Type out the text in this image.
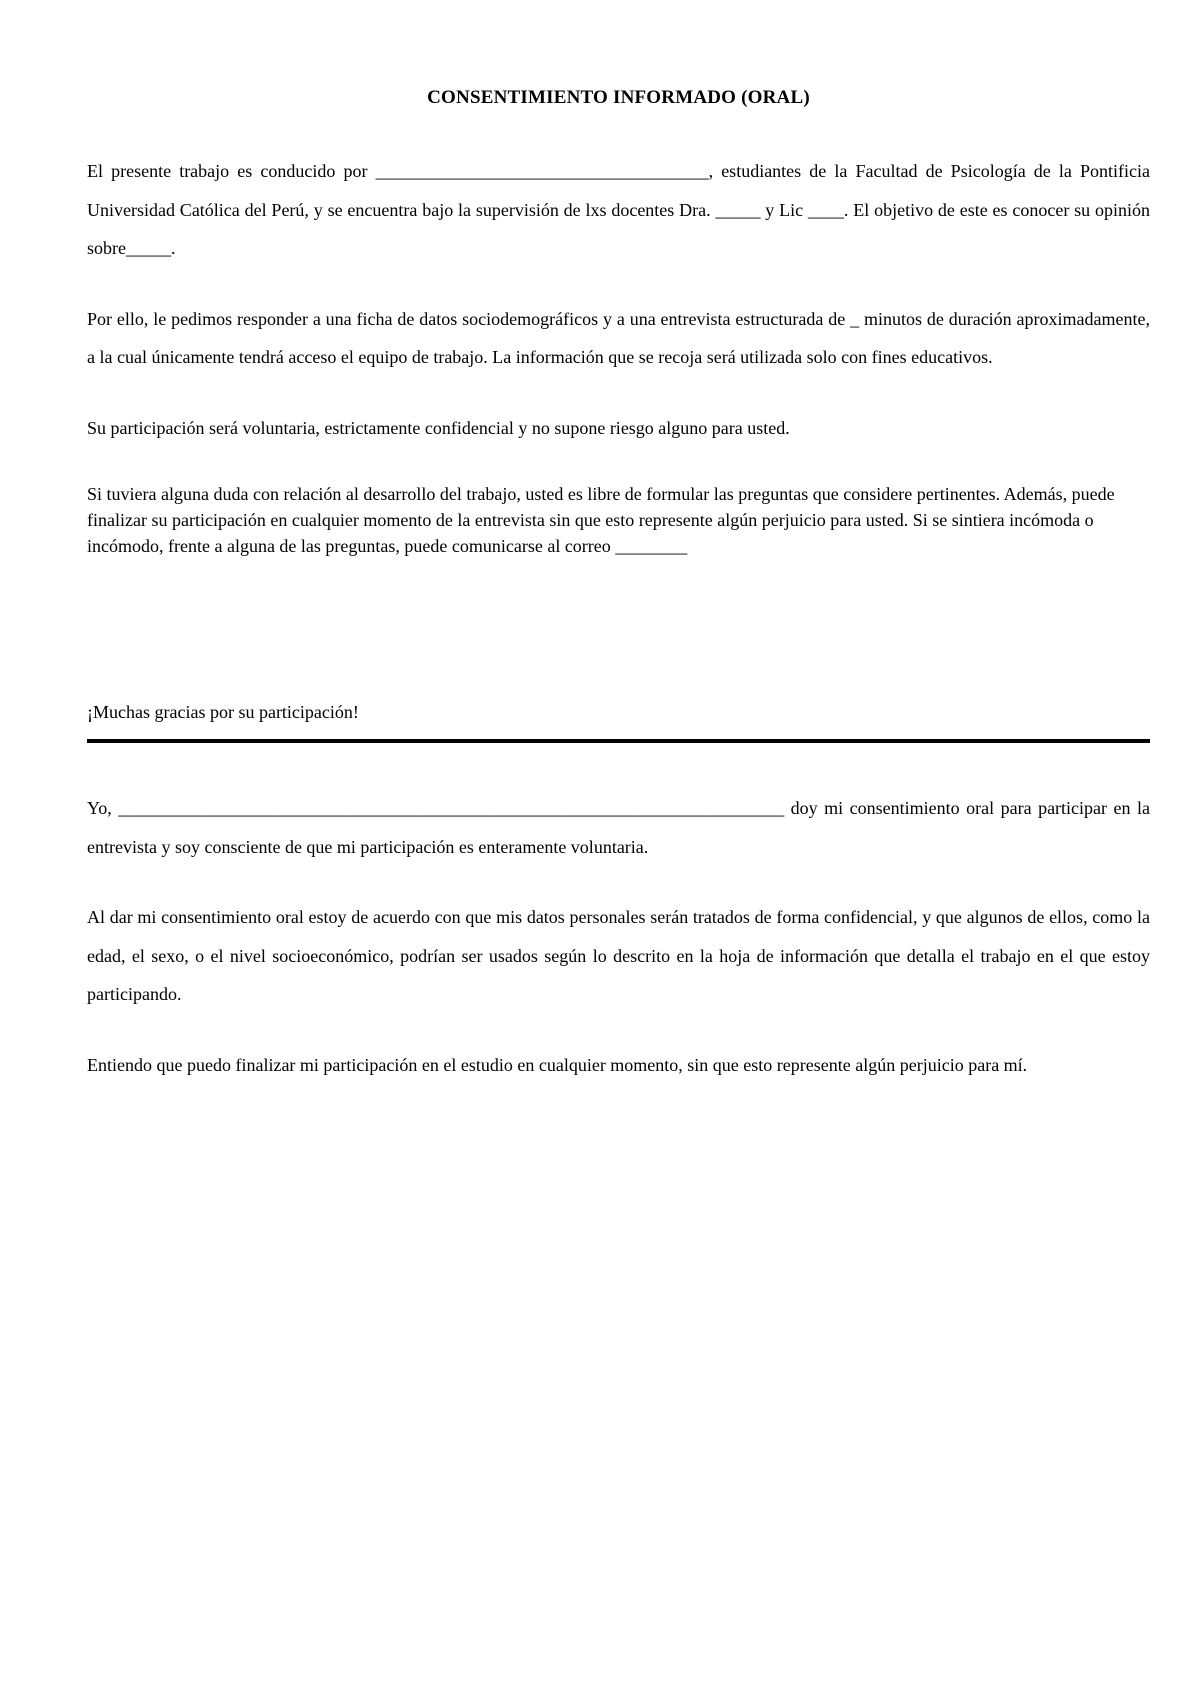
CONSENTIMIENTO INFORMADO (ORAL)

El presente trabajo es conducido por _____________________________________, estudiantes de la Facultad de Psicología de la Pontificia Universidad Católica del Perú, y se encuentra bajo la supervisión de lxs docentes Dra. _____ y Lic ____. El objetivo de este es conocer su opinión sobre_____.

Por ello, le pedimos responder a una ficha de datos sociodemográficos y a una entrevista estructurada de _ minutos de duración aproximadamente, a la cual únicamente tendrá acceso el equipo de trabajo. La información que se recoja será utilizada solo con fines educativos.

Su participación será voluntaria, estrictamente confidencial y no supone riesgo alguno para usted.

Si tuviera alguna duda con relación al desarrollo del trabajo, usted es libre de formular las preguntas que considere pertinentes. Además, puede finalizar su participación en cualquier momento de la entrevista sin que esto represente algún perjuicio para usted. Si se sintiera incómoda o incómodo, frente a alguna de las preguntas, puede comunicarse al correo ________

¡Muchas gracias por su participación!

Yo, __________________________________________________________________________ doy mi consentimiento oral para participar en la entrevista y soy consciente de que mi participación es enteramente voluntaria.

Al dar mi consentimiento oral estoy de acuerdo con que mis datos personales serán tratados de forma confidencial, y que algunos de ellos, como la edad, el sexo, o el nivel socioeconómico, podrían ser usados según lo descrito en la hoja de información que detalla el trabajo en el que estoy participando.

Entiendo que puedo finalizar mi participación en el estudio en cualquier momento, sin que esto represente algún perjuicio para mí.
